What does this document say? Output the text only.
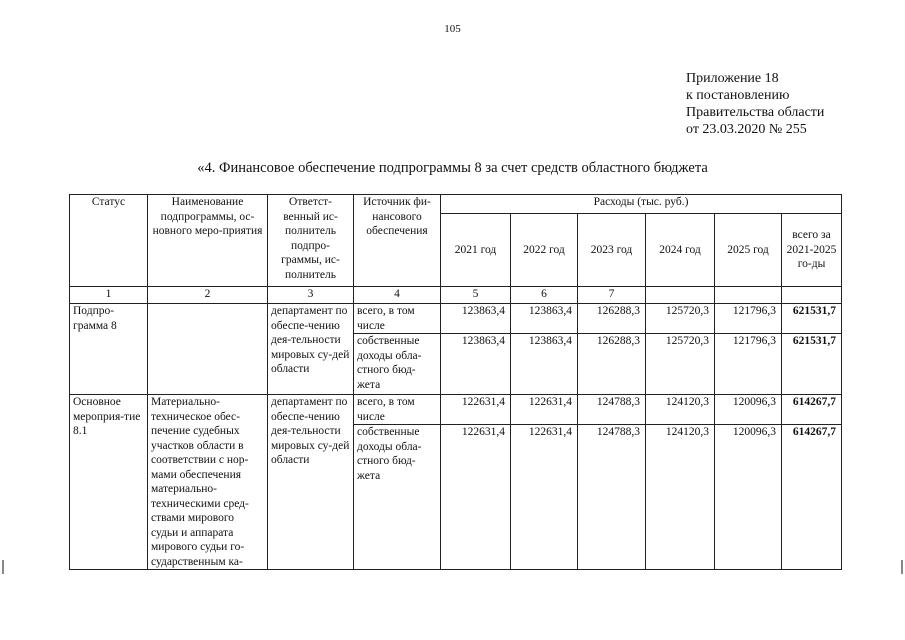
105
Приложение 18
к постановлению
Правительства области
от 23.03.2020 № 255
«4. Финансовое обеспечение подпрограммы 8 за счет средств областного бюджета
Статус	Наименование подпрограммы, ос-новного меро-приятия	Ответст-венный ис-полнитель подпро-граммы, ис-полнитель	Источник фи-нансового обеспечения	Расходы (тыс. руб.)					
				2021 год	2022 год	2023 год	2024 год	2025 год	всего за 2021-2025 го-ды
1	2	3	4	5	6	7			
Подпро-грамма 8		департамент по обеспе-чению дея-тельности мировых су-дей области	всего, в том числе	123863,4	123863,4	126288,3	125720,3	121796,3	621531,7
			собственные доходы обла-стного бюд-жета	123863,4	123863,4	126288,3	125720,3	121796,3	621531,7
Основное мероприя-тие 8.1	Материально-техническое обес-печение судебных участков области в соответствии с нор-мами обеспечения материально-техническими сред-ствами мирового судьи и аппарата мирового судьи го-сударственным ка-	департамент по обеспе-чению дея-тельности мировых су-дей области	всего, в том числе	122631,4	122631,4	124788,3	124120,3	120096,3	614267,7
			собственные доходы обла-стного бюд-жета	122631,4	122631,4	124788,3	124120,3	120096,3	614267,7
